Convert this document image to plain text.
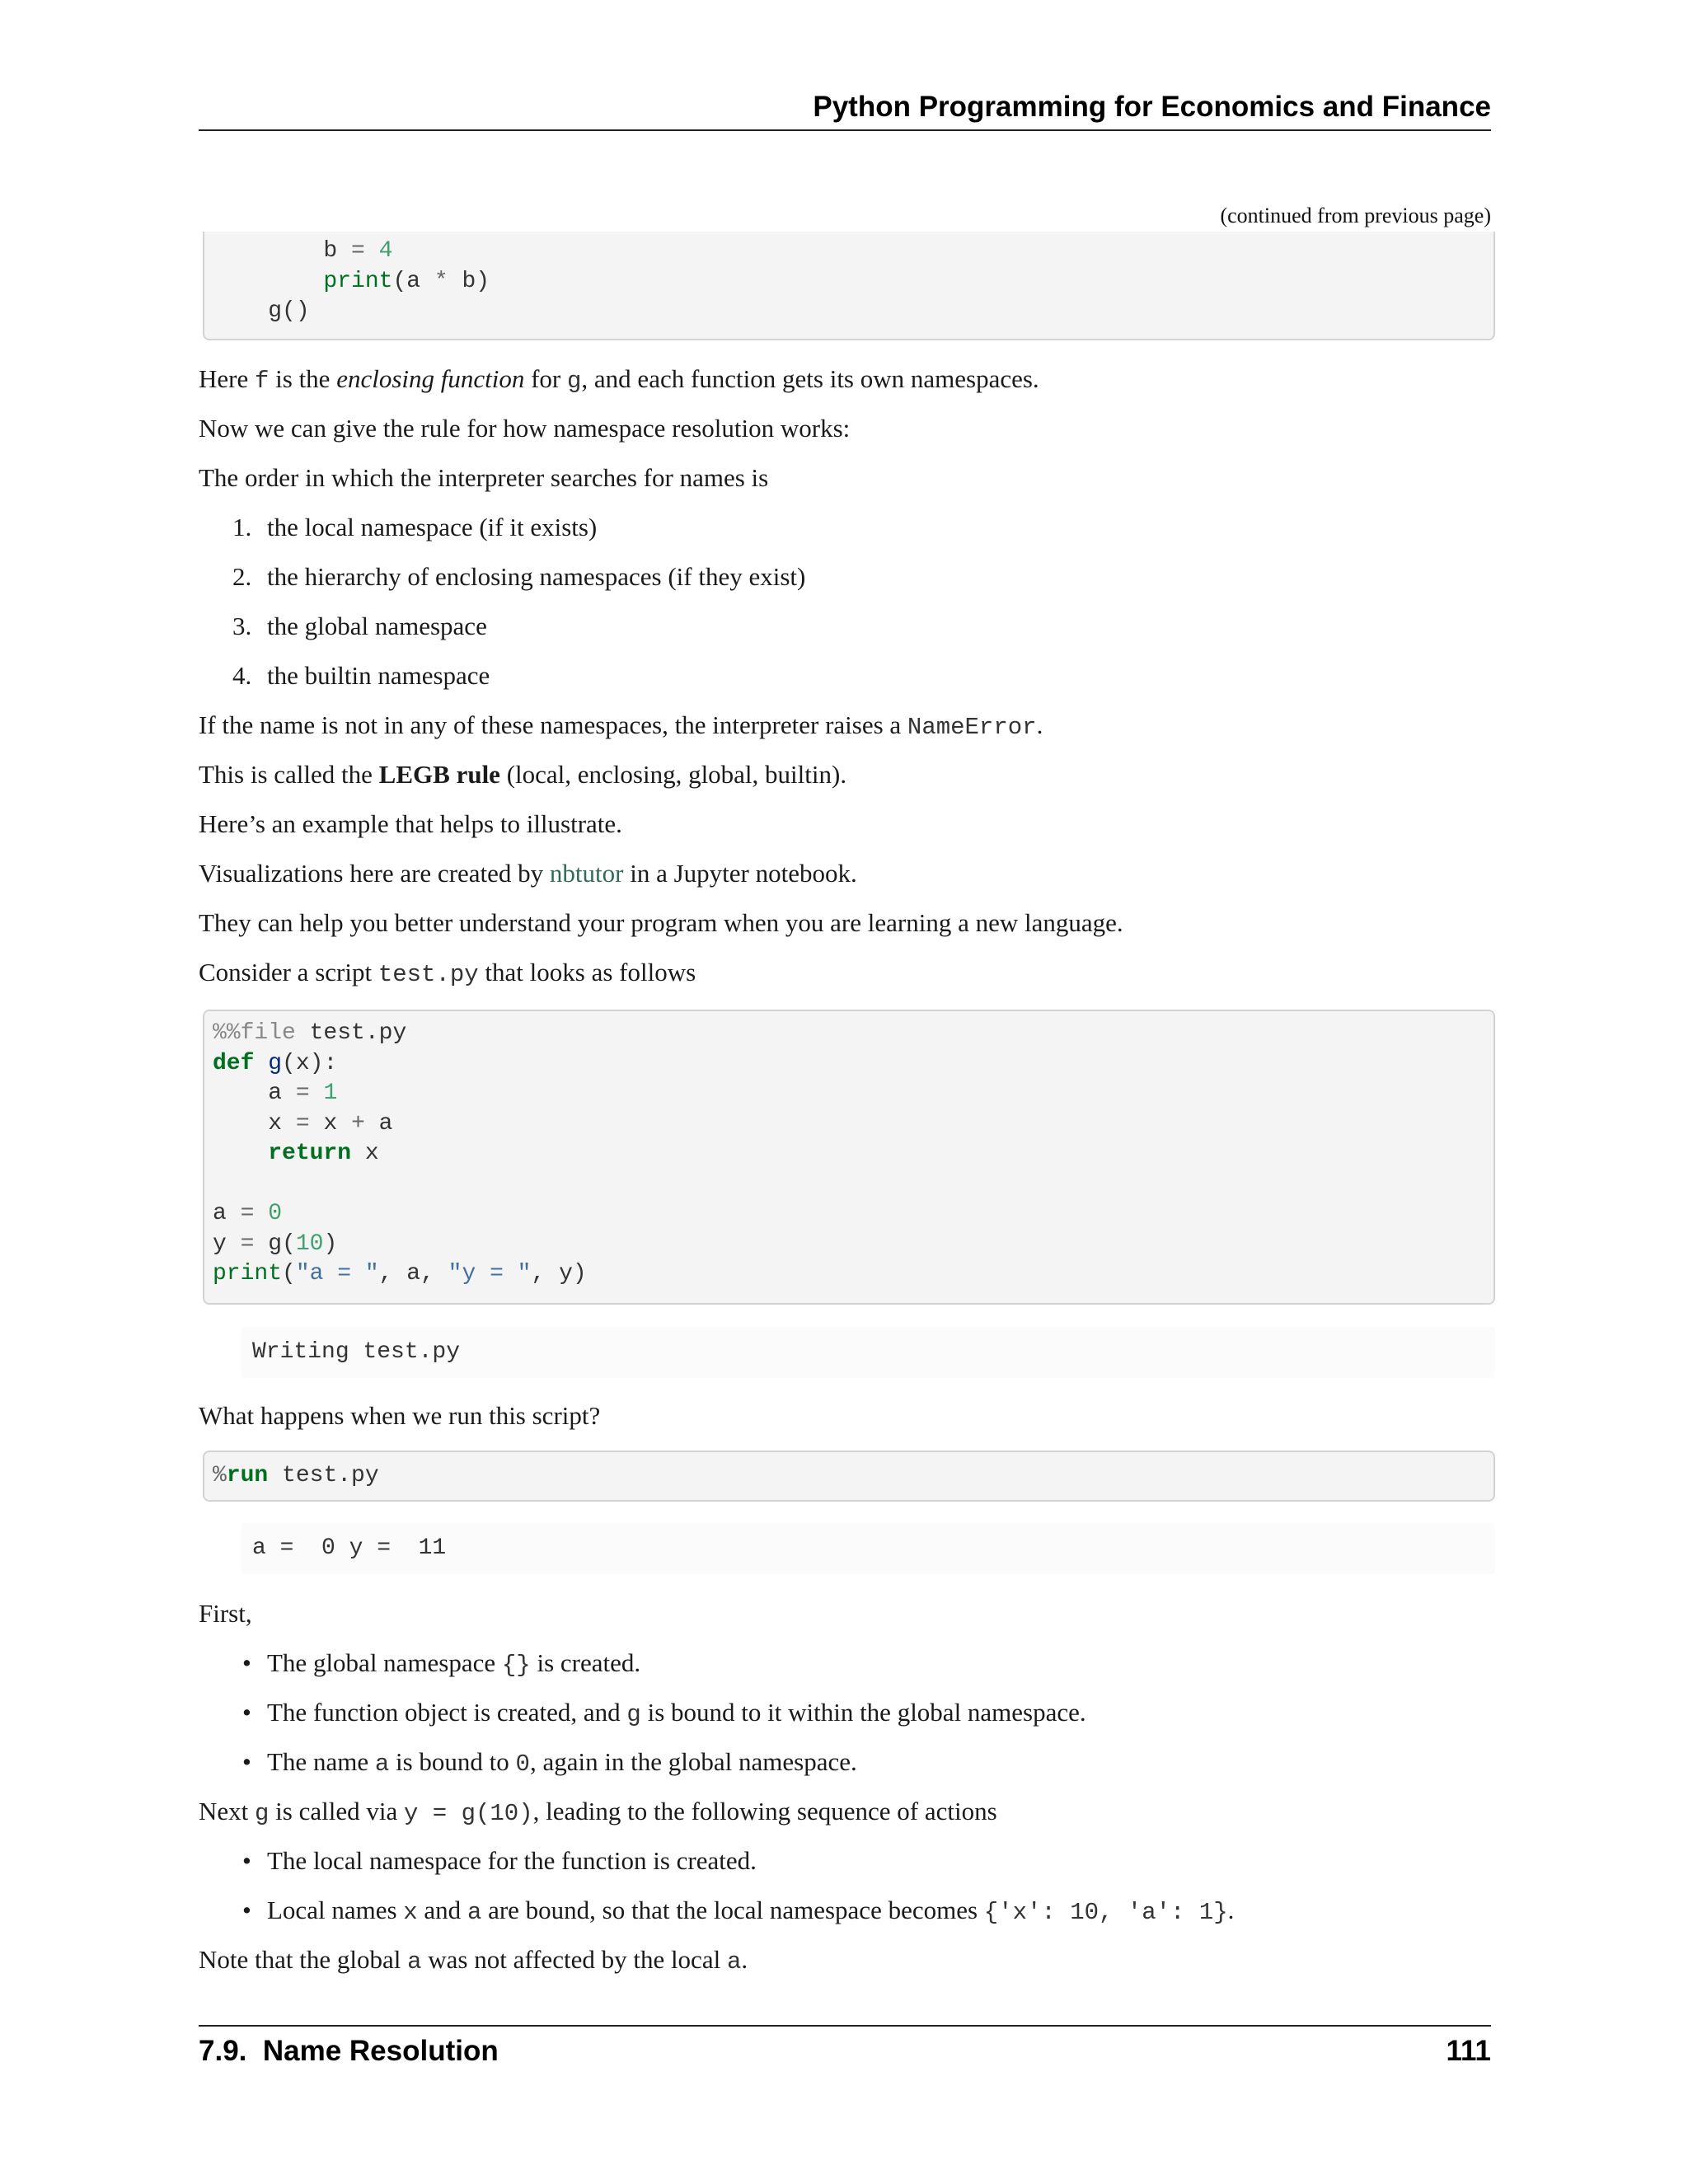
Python Programming for Economics and Finance
(continued from previous page)
b = 4
print(a * b)
g()
Here f is the enclosing function for g, and each function gets its own namespaces.
Now we can give the rule for how namespace resolution works:
The order in which the interpreter searches for names is
1. the local namespace (if it exists)
2. the hierarchy of enclosing namespaces (if they exist)
3. the global namespace
4. the builtin namespace
If the name is not in any of these namespaces, the interpreter raises a NameError.
This is called the LEGB rule (local, enclosing, global, builtin).
Here’s an example that helps to illustrate.
Visualizations here are created by nbtutor in a Jupyter notebook.
They can help you better understand your program when you are learning a new language.
Consider a script test.py that looks as follows
%%file test.py
def g(x):
a = 1
x = x + a
return x

a = 0
y = g(10)
print("a = ", a, "y = ", y)
Writing test.py
What happens when we run this script?
%run test.py
a =  0 y =  11
First,
• The global namespace {} is created.
• The function object is created, and g is bound to it within the global namespace.
• The name a is bound to 0, again in the global namespace.
Next g is called via y = g(10), leading to the following sequence of actions
• The local namespace for the function is created.
• Local names x and a are bound, so that the local namespace becomes {'x': 10, 'a': 1}.
Note that the global a was not affected by the local a.
7.9.  Name Resolution	111
